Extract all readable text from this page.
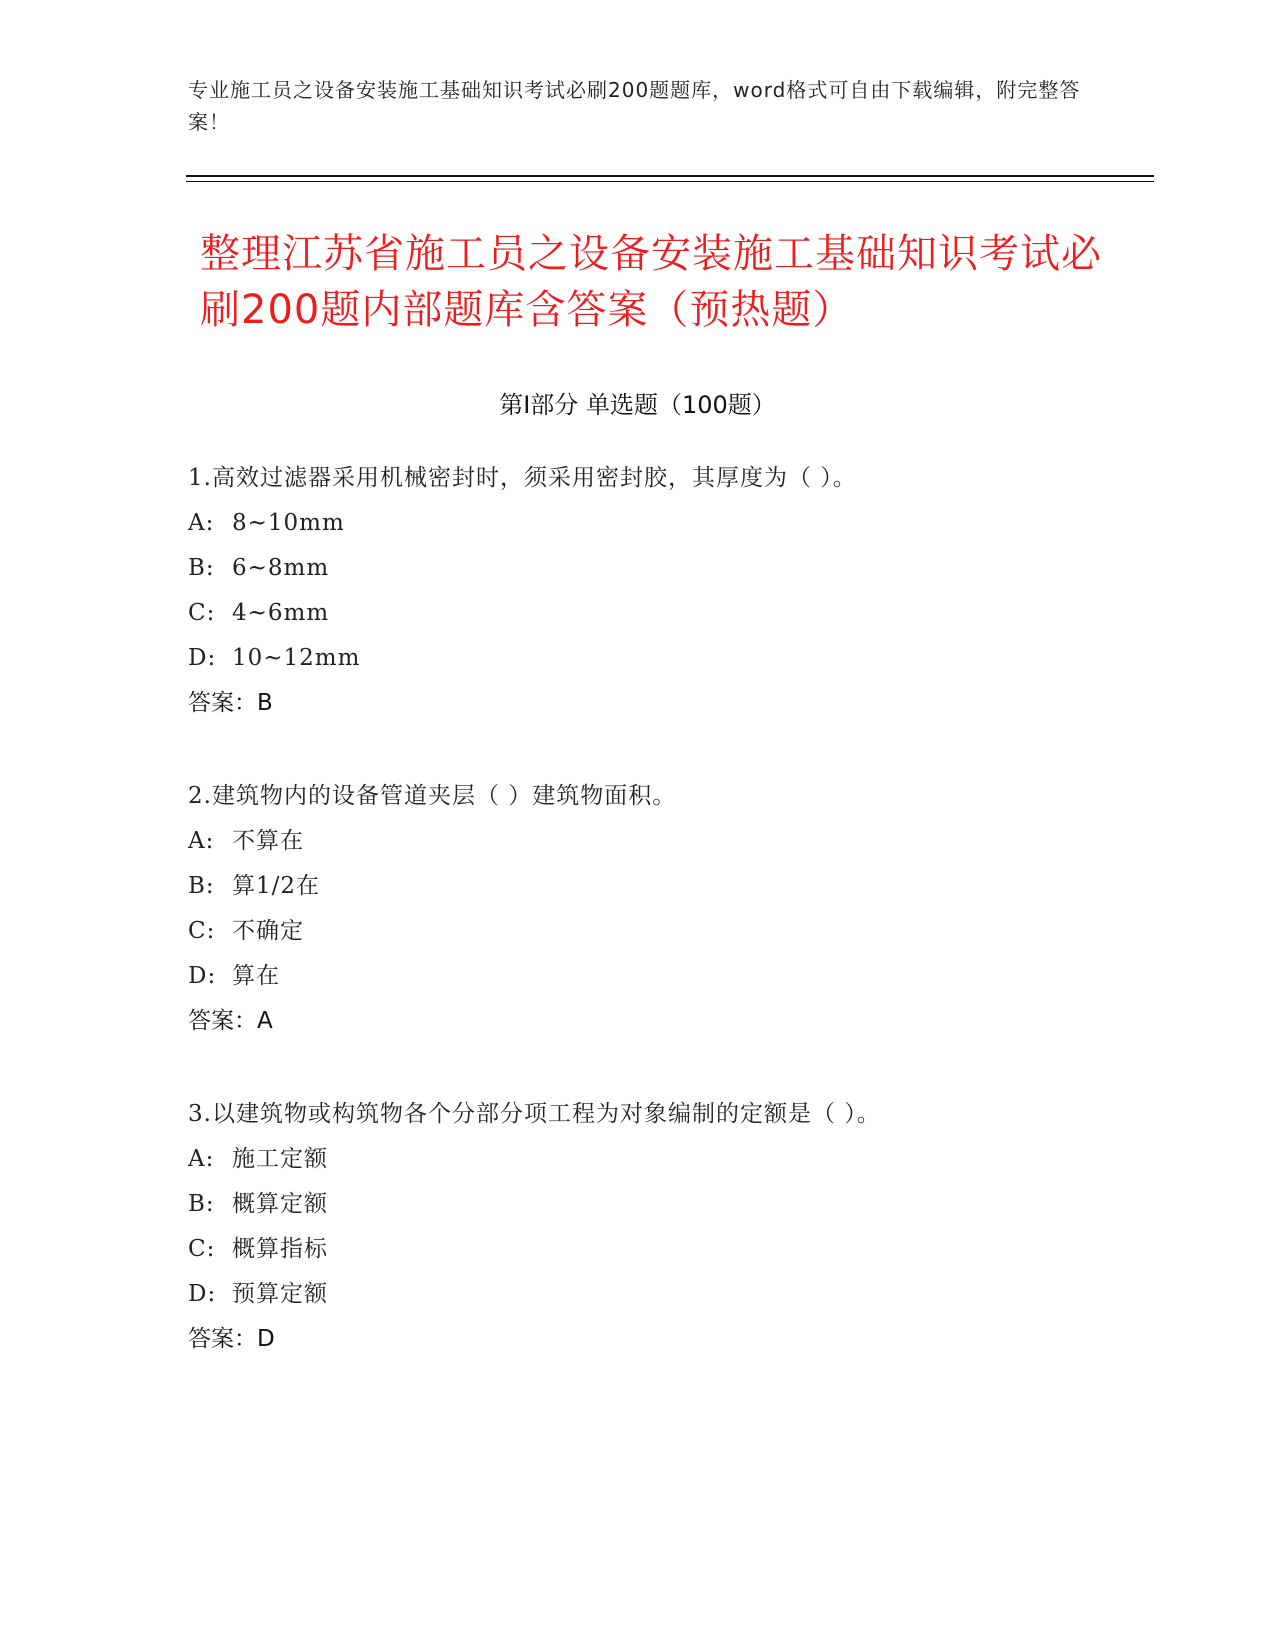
专业施工员之设备安装施工基础知识考试必刷200题题库，word格式可自由下载编辑，附完整答案！
整理江苏省施工员之设备安装施工基础知识考试必刷200题内部题库含答案（预热题）
第I部分 单选题（100题）
1.高效过滤器采用机械密封时，须采用密封胶，其厚度为（ ）。
A: 8~10mm
B: 6~8mm
C: 4~6mm
D: 10~12mm
答案：B
2.建筑物内的设备管道夹层（ ）建筑物面积。
A: 不算在
B: 算1/2在
C: 不确定
D: 算在
答案：A
3.以建筑物或构筑物各个分部分项工程为对象编制的定额是（ ）。
A: 施工定额
B: 概算定额
C: 概算指标
D: 预算定额
答案：D
